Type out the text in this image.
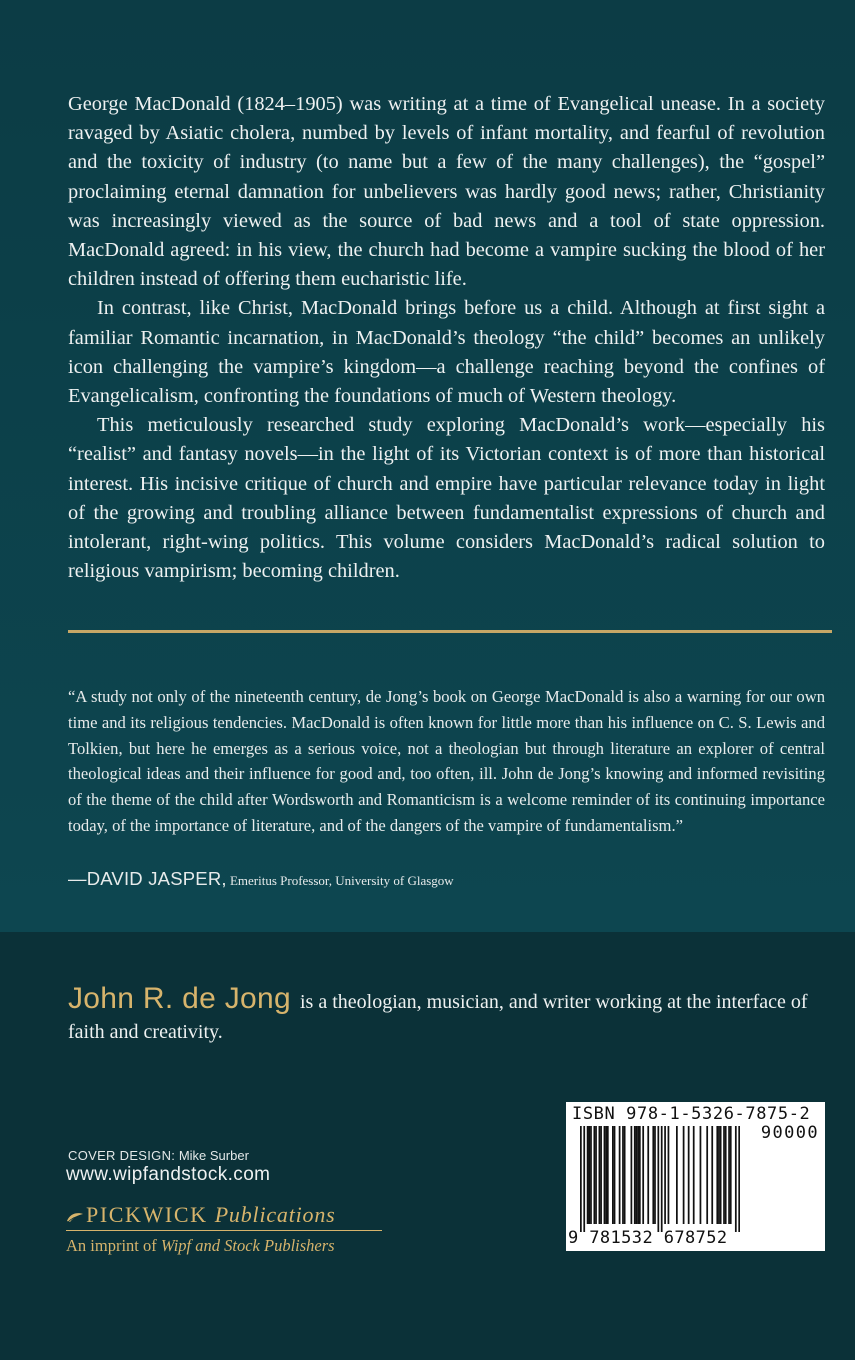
George MacDonald (1824–1905) was writing at a time of Evangelical unease. In a society ravaged by Asiatic cholera, numbed by levels of infant mortality, and fearful of revolution and the toxicity of industry (to name but a few of the many challenges), the “gospel” proclaiming eternal damnation for unbelievers was hardly good news; rather, Christianity was increasingly viewed as the source of bad news and a tool of state oppression. MacDonald agreed: in his view, the church had become a vampire sucking the blood of her children instead of offering them eucharistic life.

In contrast, like Christ, MacDonald brings before us a child. Although at first sight a familiar Romantic incarnation, in MacDonald’s theology “the child” becomes an unlikely icon challenging the vampire’s kingdom—a challenge reaching beyond the confines of Evangelicalism, confronting the foundations of much of Western theology.

This meticulously researched study exploring MacDonald’s work—especially his “realist” and fantasy novels—in the light of its Victorian context is of more than historical interest. His incisive critique of church and empire have particular relevance today in light of the growing and troubling alliance between fundamentalist expressions of church and intolerant, right-wing politics. This volume considers MacDonald’s radical solution to religious vampirism; becoming children.

“A study not only of the nineteenth century, de Jong’s book on George MacDonald is also a warning for our own time and its religious tendencies. MacDonald is often known for little more than his influence on C. S. Lewis and Tolkien, but here he emerges as a serious voice, not a theologian but through literature an explorer of central theological ideas and their influence for good and, too often, ill. John de Jong’s knowing and informed revisiting of the theme of the child after Wordsworth and Romanticism is a welcome reminder of its continuing importance today, of the importance of literature, and of the dangers of the vampire of fundamentalism.”

—DAVID JASPER, Emeritus Professor, University of Glasgow
John R. de Jong is a theologian, musician, and writer working at the interface of faith and creativity.
COVER DESIGN: Mike Surber
www.wipfandstock.com
PICKWICK Publications
An imprint of Wipf and Stock Publishers
ISBN 978-1-5326-7875-2
90000
9 781532 678752
